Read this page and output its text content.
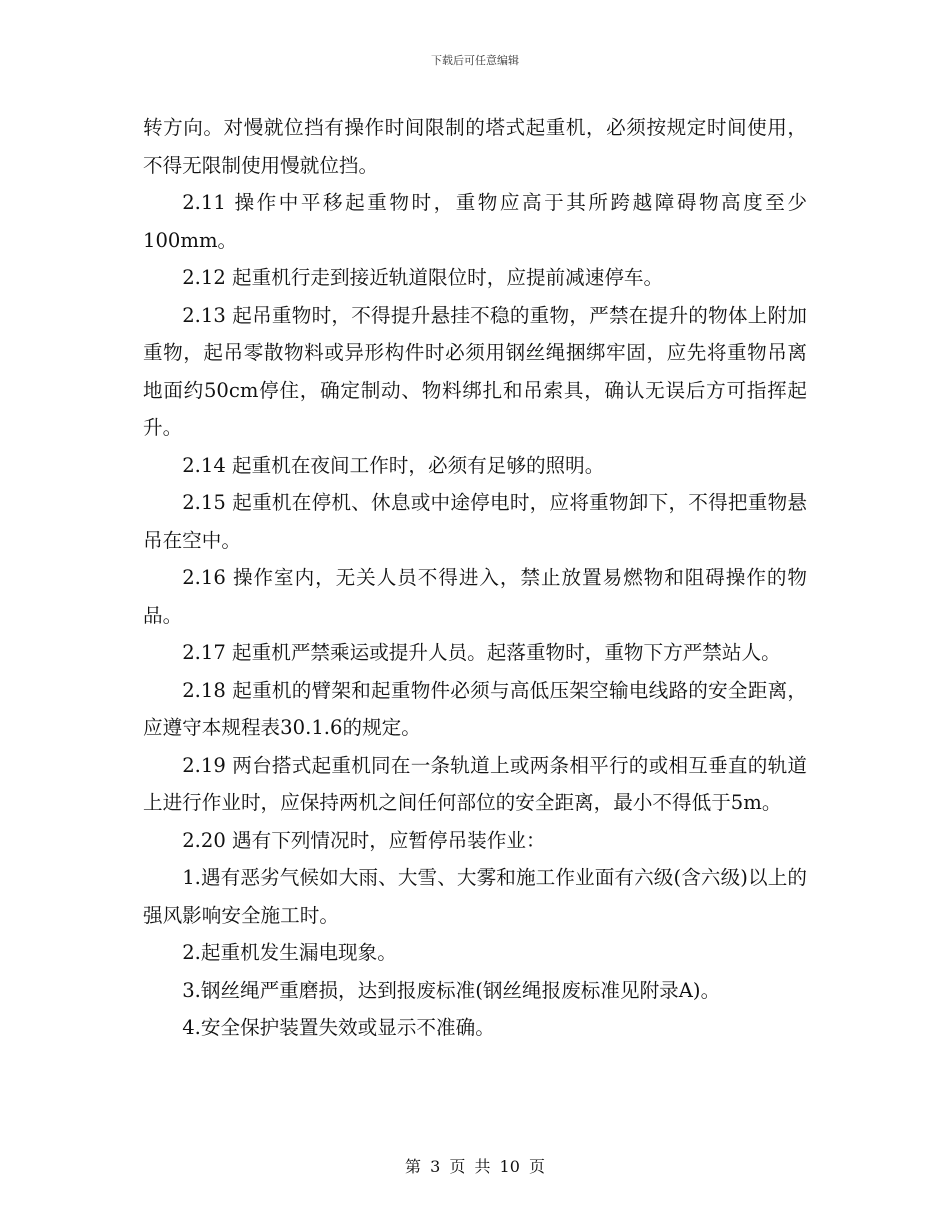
下载后可任意编辑

转方向。对慢就位挡有操作时间限制的塔式起重机，必须按规定时间使用，不得无限制使用慢就位挡。

2.11 操作中平移起重物时，重物应高于其所跨越障碍物高度至少100mm。

2.12 起重机行走到接近轨道限位时，应提前减速停车。

2.13 起吊重物时，不得提升悬挂不稳的重物，严禁在提升的物体上附加重物，起吊零散物料或异形构件时必须用钢丝绳捆绑牢固，应先将重物吊离地面约50cm停住，确定制动、物料绑扎和吊索具，确认无误后方可指挥起升。

2.14 起重机在夜间工作时，必须有足够的照明。

2.15 起重机在停机、休息或中途停电时，应将重物卸下，不得把重物悬吊在空中。

2.16 操作室内，无关人员不得进入，禁止放置易燃物和阻碍操作的物品。

2.17 起重机严禁乘运或提升人员。起落重物时，重物下方严禁站人。

2.18 起重机的臂架和起重物件必须与高低压架空输电线路的安全距离，应遵守本规程表30.1.6的规定。

2.19 两台搭式起重机同在一条轨道上或两条相平行的或相互垂直的轨道上进行作业时，应保持两机之间任何部位的安全距离，最小不得低于5m。

2.20 遇有下列情况时，应暂停吊装作业：

1.遇有恶劣气候如大雨、大雪、大雾和施工作业面有六级(含六级)以上的强风影响安全施工时。

2.起重机发生漏电现象。

3.钢丝绳严重磨损，达到报废标准(钢丝绳报废标准见附录A)。

4.安全保护装置失效或显示不准确。

第 3 页 共 10 页
